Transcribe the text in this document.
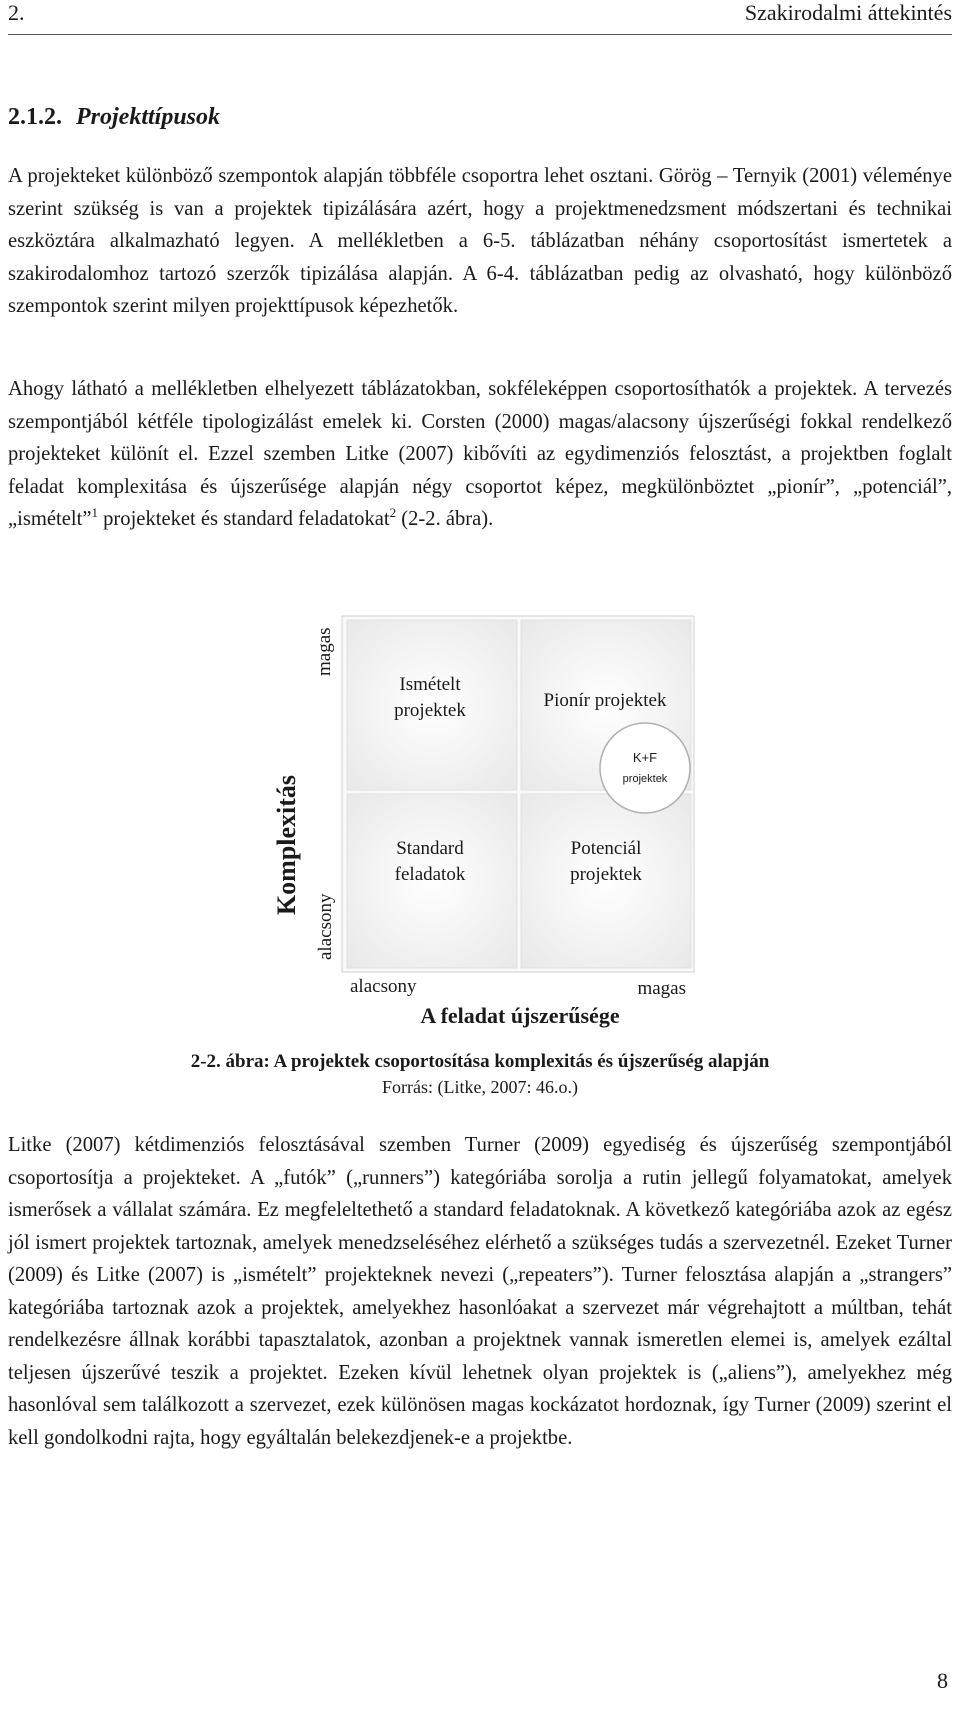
2.	Szakirodalmi áttekintés
2.1.2. Projekttípusok

A projekteket különböző szempontok alapján többféle csoportra lehet osztani. Görög – Ternyik (2001) véleménye szerint szükség is van a projektek tipizálására azért, hogy a projektmenedzsment módszertani és technikai eszköztára alkalmazható legyen. A mellékletben a 6-5. táblázatban néhány csoportosítást ismertetek a szakirodalomhoz tartozó szerzők tipizálása alapján. A 6-4. táblázatban pedig az olvasható, hogy különböző szempontok szerint milyen projekttípusok képezhetők.

Ahogy látható a mellékletben elhelyezett táblázatokban, sokféleképpen csoportosíthatók a projektek. A tervezés szempontjából kétféle tipologizálást emelek ki. Corsten (2000) magas/alacsony újszerűségi fokkal rendelkező projekteket különít el. Ezzel szemben Litke (2007) kibővíti az egydimenziós felosztást, a projektben foglalt feladat komplexitása és újszerűsége alapján négy csoportot képez, megkülönböztet „pionír”, „potenciál”, „ismételt”$^1$ projekteket és standard feladatokat$^2$ (2-2. ábra).

Komplexitás
magas
alacsony
Ismételt
projektek	Pionír projektek
Standard
feladatok
Potenciál
projektek
K+F
projektek
alacsony	magas
A feladat újszerűsége
2-2. ábra: A projektek csoportosítása komplexitás és újszerűség alapján
Forrás: (Litke, 2007: 46.o.)

Litke (2007) kétdimenziós felosztásával szemben Turner (2009) egyediség és újszerűség szempontjából csoportosítja a projekteket. A „futók” („runners”) kategóriába sorolja a rutin jellegű folyamatokat, amelyek ismerősek a vállalat számára. Ez megfeleltethető a standard feladatoknak. A következő kategóriába azok az egész jól ismert projektek tartoznak, amelyek menedzseléséhez elérhető a szükséges tudás a szervezetnél. Ezeket Turner (2009) és Litke (2007) is „ismételt” projekteknek nevezi („repeaters”). Turner felosztása alapján a „strangers” kategóriába tartoznak azok a projektek, amelyekhez hasonlóakat a szervezet már végrehajtott a múltban, tehát rendelkezésre állnak korábbi tapasztalatok, azonban a projektnek vannak ismeretlen elemei is, amelyek ezáltal teljesen újszerűvé teszik a projektet. Ezeken kívül lehetnek olyan projektek is („aliens”), amelyekhez még hasonlóval sem találkozott a szervezet, ezek különösen magas kockázatot hordoznak, így Turner (2009) szerint el kell gondolkodni rajta, hogy egyáltalán belekezdjenek-e a projektbe.

8
